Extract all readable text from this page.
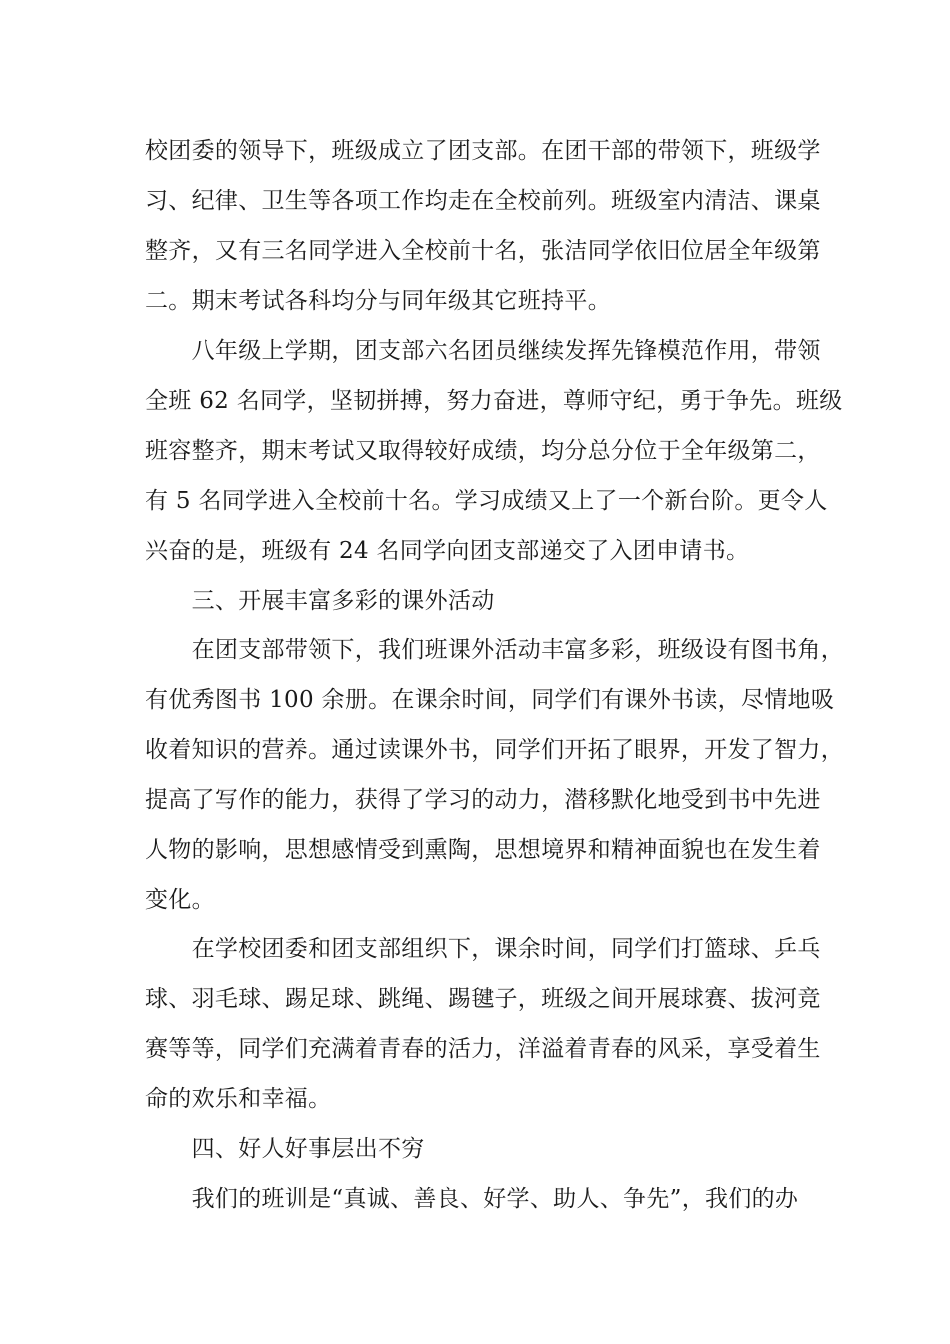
校团委的领导下，班级成立了团支部。在团干部的带领下，班级学
习、纪律、卫生等各项工作均走在全校前列。班级室内清洁、课桌
整齐，又有三名同学进入全校前十名，张洁同学依旧位居全年级第
二。期末考试各科均分与同年级其它班持平。
　　八年级上学期，团支部六名团员继续发挥先锋模范作用，带领
全班 62 名同学，坚韧拼搏，努力奋进，尊师守纪，勇于争先。班级
班容整齐，期末考试又取得较好成绩，均分总分位于全年级第二，
有 5 名同学进入全校前十名。学习成绩又上了一个新台阶。更令人
兴奋的是，班级有 24 名同学向团支部递交了入团申请书。
　　三、开展丰富多彩的课外活动
　　在团支部带领下，我们班课外活动丰富多彩，班级设有图书角，
有优秀图书 100 余册。在课余时间，同学们有课外书读，尽情地吸
收着知识的营养。通过读课外书，同学们开拓了眼界，开发了智力，
提高了写作的能力，获得了学习的动力，潜移默化地受到书中先进
人物的影响，思想感情受到熏陶，思想境界和精神面貌也在发生着
变化。
　　在学校团委和团支部组织下，课余时间，同学们打篮球、乒乓
球、羽毛球、踢足球、跳绳、踢毽子，班级之间开展球赛、拔河竞
赛等等，同学们充满着青春的活力，洋溢着青春的风采，享受着生
命的欢乐和幸福。
　　四、好人好事层出不穷
　　我们的班训是“真诚、善良、好学、助人、争先”，我们的办
